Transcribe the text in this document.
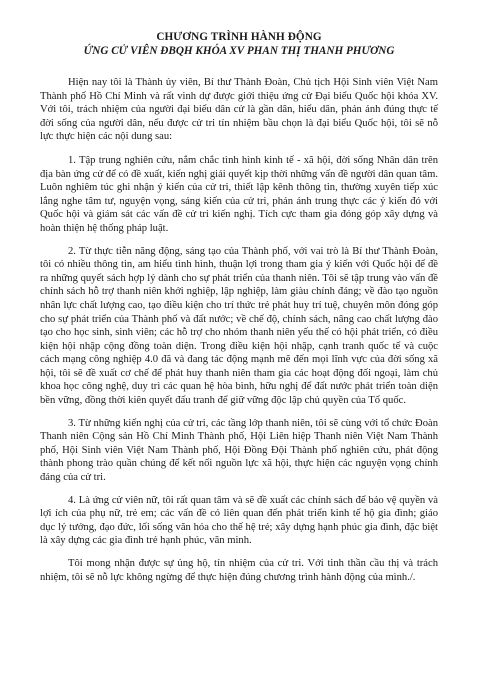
CHƯƠNG TRÌNH HÀNH ĐỘNG
ỨNG CỬ VIÊN ĐBQH KHÓA XV PHAN THỊ THANH PHƯƠNG

Hiện nay tôi là Thành ủy viên, Bí thư Thành Đoàn, Chủ tịch Hội Sinh viên Việt Nam Thành phố Hồ Chí Minh và rất vinh dự được giới thiệu ứng cử Đại biểu Quốc hội khóa XV. Với tôi, trách nhiệm của người đại biểu dân cử là gần dân, hiểu dân, phản ánh đúng thực tế đời sống của người dân, nếu được cử tri tín nhiệm bầu chọn là đại biểu Quốc hội, tôi sẽ nỗ lực thực hiện các nội dung sau:

1. Tập trung nghiên cứu, nắm chắc tình hình kinh tế - xã hội, đời sống Nhân dân trên địa bàn ứng cử để có đề xuất, kiến nghị giải quyết kịp thời những vấn đề người dân quan tâm. Luôn nghiêm túc ghi nhận ý kiến của cử tri, thiết lập kênh thông tin, thường xuyên tiếp xúc lắng nghe tâm tư, nguyện vọng, sáng kiến của cử tri, phản ánh trung thực các ý kiến đó với Quốc hội và giám sát các vấn đề cử tri kiến nghị. Tích cực tham gia đóng góp xây dựng và hoàn thiện hệ thống pháp luật.

2. Từ thực tiễn năng động, sáng tạo của Thành phố, với vai trò là Bí thư Thành Đoàn, tôi có nhiều thông tin, am hiểu tình hình, thuận lợi trong tham gia ý kiến với Quốc hội để đề ra những quyết sách hợp lý dành cho sự phát triển của thanh niên. Tôi sẽ tập trung vào vấn đề chính sách hỗ trợ thanh niên khởi nghiệp, lập nghiệp, làm giàu chính đáng; về đào tạo nguồn nhân lực chất lượng cao, tạo điều kiện cho trí thức trẻ phát huy trí tuệ, chuyên môn đóng góp cho sự phát triển của Thành phố và đất nước; về chế độ, chính sách, nâng cao chất lượng đào tạo cho học sinh, sinh viên; các hỗ trợ cho nhóm thanh niên yếu thế có hội phát triển, có điều kiện hội nhập cộng đồng toàn diện. Trong điều kiện hội nhập, cạnh tranh quốc tế và cuộc cách mạng công nghiệp 4.0 đã và đang tác động mạnh mẽ đến mọi lĩnh vực của đời sống xã hội, tôi sẽ đề xuất cơ chế để phát huy thanh niên tham gia các hoạt động đối ngoại, làm chủ khoa học công nghệ, duy trì các quan hệ hòa bình, hữu nghị để đất nước phát triển toàn diện bền vững, đồng thời kiên quyết đấu tranh để giữ vững độc lập chủ quyền của Tổ quốc.

3. Từ những kiến nghị của cử tri, các tầng lớp thanh niên, tôi sẽ cùng với tổ chức Đoàn Thanh niên Cộng sản Hồ Chí Minh Thành phố, Hội Liên hiệp Thanh niên Việt Nam Thành phố, Hội Sinh viên Việt Nam Thành phố, Hội Đồng Đội Thành phố nghiên cứu, phát động thành phong trào quần chúng để kết nối nguồn lực xã hội, thực hiện các nguyện vọng chính đáng của cử tri.

4. Là ứng cử viên nữ, tôi rất quan tâm và sẽ đề xuất các chính sách để bảo vệ quyền và lợi ích của phụ nữ, trẻ em; các vấn đề có liên quan đến phát triển kinh tế hộ gia đình; giáo dục lý tưởng, đạo đức, lối sống văn hóa cho thế hệ trẻ; xây dựng hạnh phúc gia đình, đặc biệt là xây dựng các gia đình trẻ hạnh phúc, văn minh.

Tôi mong nhận được sự ủng hộ, tín nhiệm của cử tri. Với tinh thần cầu thị và trách nhiệm, tôi sẽ nỗ lực không ngừng để thực hiện đúng chương trình hành động của mình./.
